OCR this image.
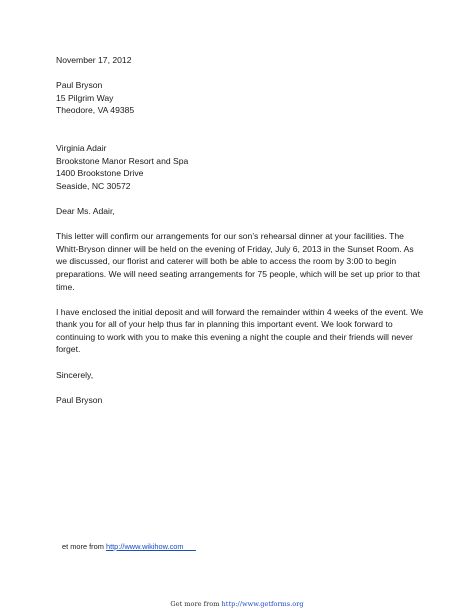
November 17, 2012
Paul Bryson
15 Pilgrim Way
Theodore, VA 49385
Virginia Adair
Brookstone Manor Resort and Spa
1400 Brookstone Drive
Seaside, NC 30572
Dear Ms. Adair,
This letter will confirm our arrangements for our son’s rehearsal dinner at your facilities. The
Whitt-Bryson dinner will be held on the evening of Friday, July 6, 2013 in the Sunset Room. As
we discussed, our florist and caterer will both be able to access the room by 3:00 to begin
preparations. We will need seating arrangements for 75 people, which will be set up prior to that
time.
I have enclosed the initial deposit and will forward the remainder within 4 weeks of the event. We
thank you for all of your help thus far in planning this important event. We look forward to
continuing to work with you to make this evening a night the couple and their friends will never
forget.
Sincerely,
Paul Bryson
et more from http://www.wikihow.com
Get more from http://www.getforms.org
